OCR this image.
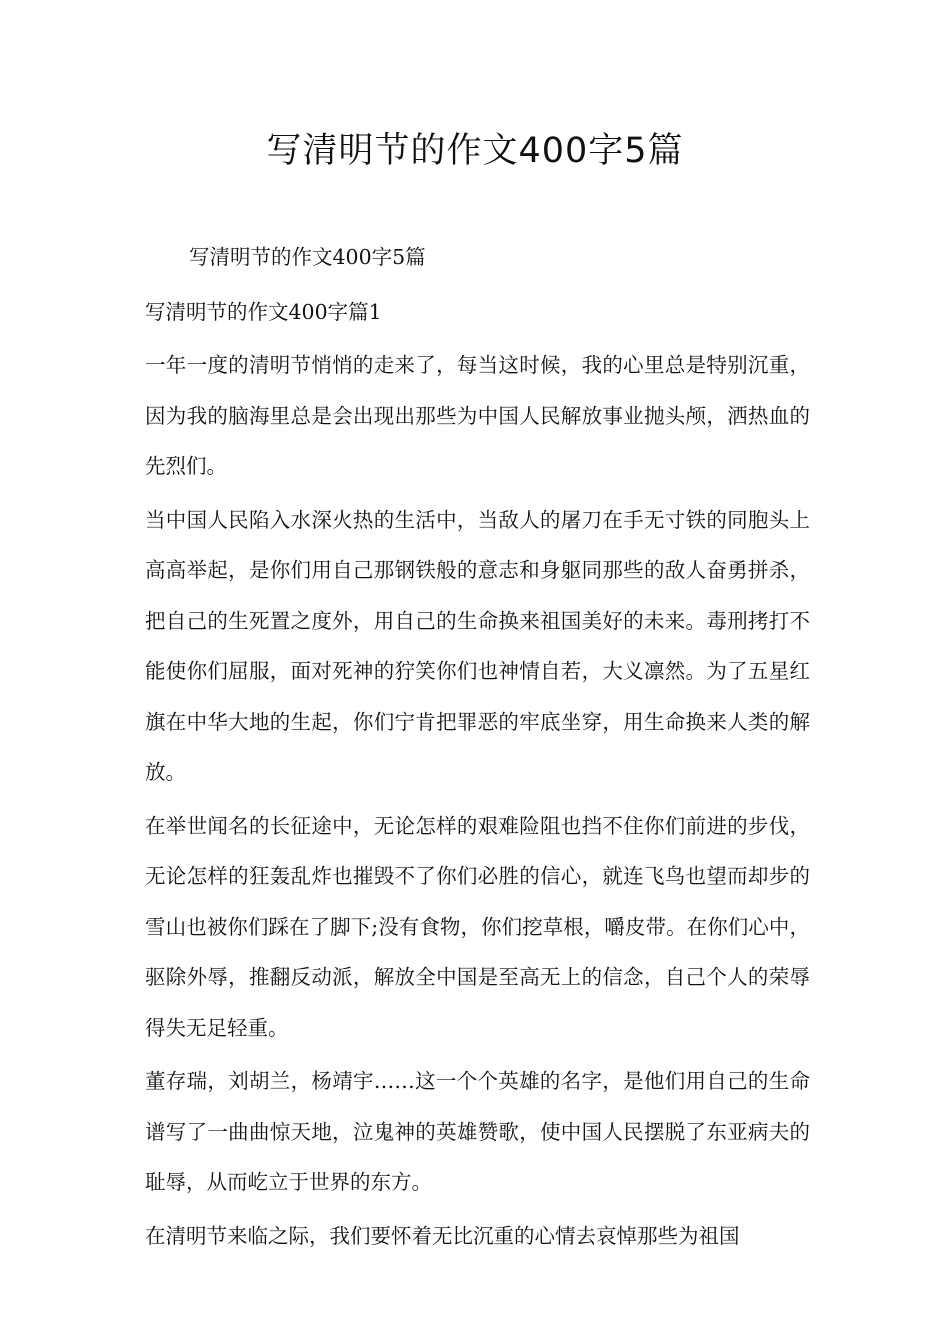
写清明节的作文400字5篇

写清明节的作文400字5篇

写清明节的作文400字篇1

一年一度的清明节悄悄的走来了，每当这时候，我的心里总是特别沉重，因为我的脑海里总是会出现出那些为中国人民解放事业抛头颅，洒热血的先烈们。

当中国人民陷入水深火热的生活中，当敌人的屠刀在手无寸铁的同胞头上高高举起，是你们用自己那钢铁般的意志和身躯同那些的敌人奋勇拼杀，把自己的生死置之度外，用自己的生命换来祖国美好的未来。毒刑拷打不能使你们屈服，面对死神的狞笑你们也神情自若，大义凛然。为了五星红旗在中华大地的生起，你们宁肯把罪恶的牢底坐穿，用生命换来人类的解放。

在举世闻名的长征途中，无论怎样的艰难险阻也挡不住你们前进的步伐，无论怎样的狂轰乱炸也摧毁不了你们必胜的信心，就连飞鸟也望而却步的雪山也被你们踩在了脚下;没有食物，你们挖草根，嚼皮带。在你们心中，驱除外辱，推翻反动派，解放全中国是至高无上的信念，自己个人的荣辱得失无足轻重。

董存瑞，刘胡兰，杨靖宇……这一个个英雄的名字，是他们用自己的生命谱写了一曲曲惊天地，泣鬼神的英雄赞歌，使中国人民摆脱了东亚病夫的耻辱，从而屹立于世界的东方。

在清明节来临之际，我们要怀着无比沉重的心情去哀悼那些为祖国
